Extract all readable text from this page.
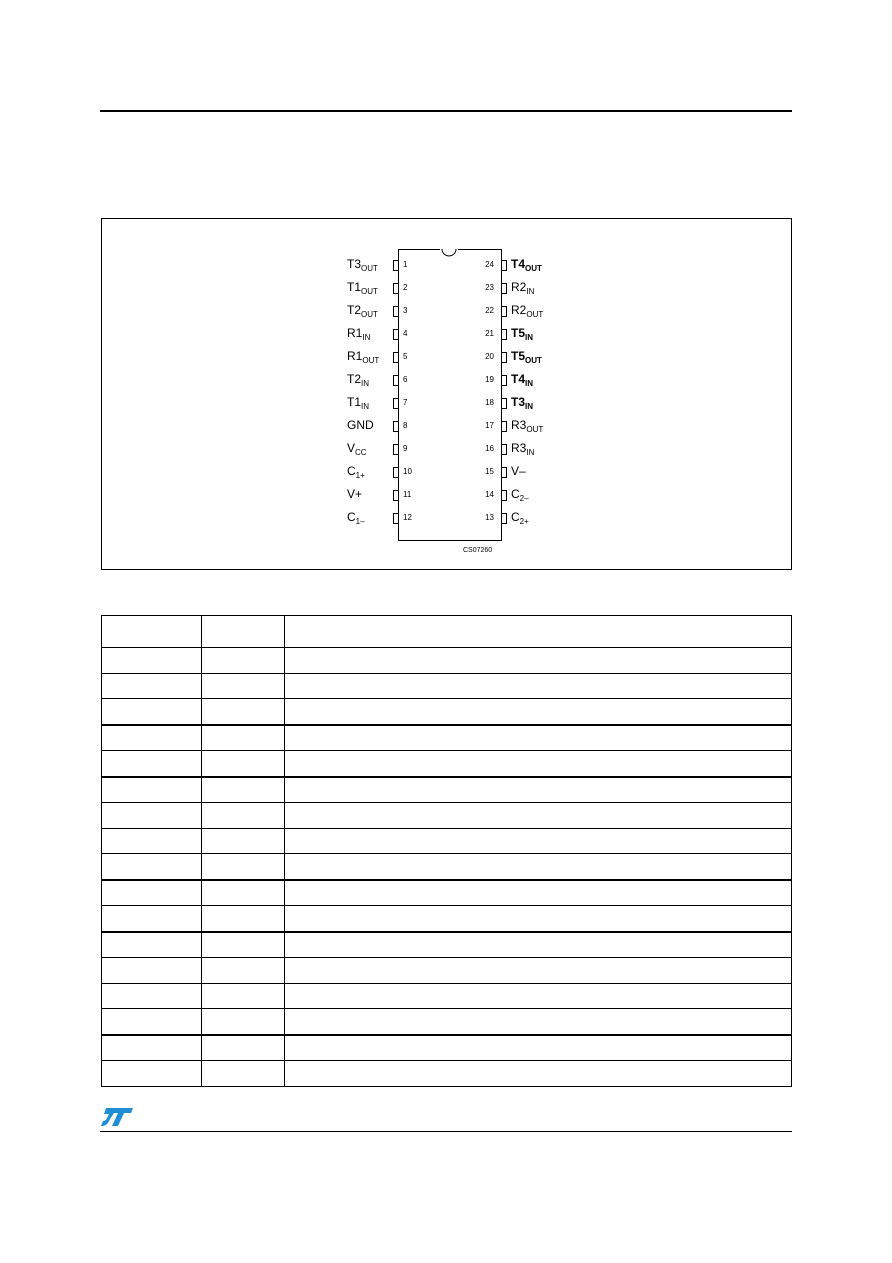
1
$T3_{OUT}$
2
$T1_{OUT}$
3
$T2_{OUT}$
4
$R1_{IN}$
5
$R1_{OUT}$
6
$T2_{IN}$
7
$T1_{IN}$
8
GND
9
$V_{CC}$
10
$C_{1+}$
11
V+
12
$C_{1-}$
24 $T4_{OUT}$
23 $R2_{IN}$
22 $R2_{OUT}$
21 $T5_{IN}$
20 $T5_{OUT}$
19 $T4_{IN}$
18 $T3_{IN}$
17 $R3_{OUT}$
16 $R3_{IN}$
15 V–
14 $C_{2-}$
13 $C_{2+}$
CS07260
